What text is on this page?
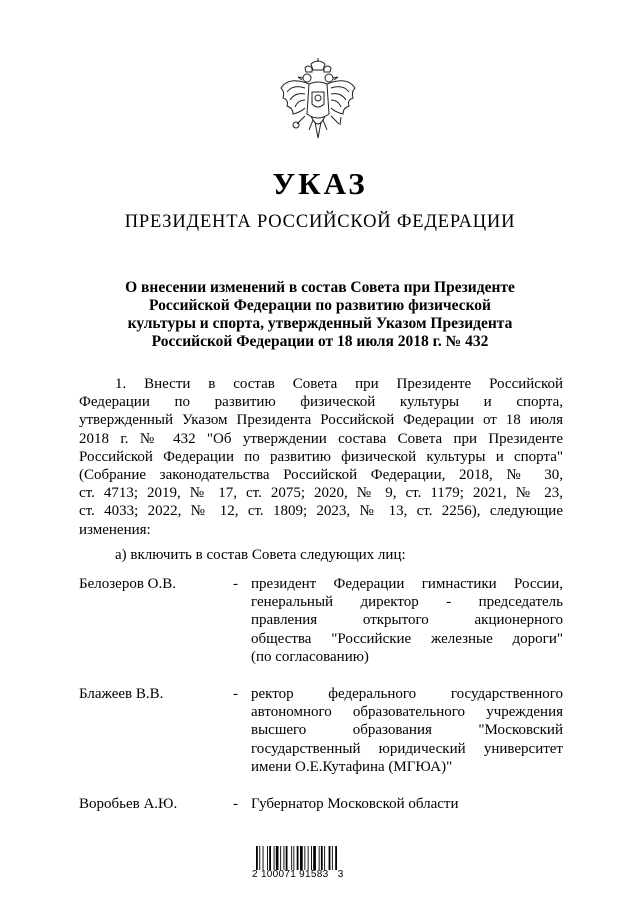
УКАЗ
ПРЕЗИДЕНТА РОССИЙСКОЙ ФЕДЕРАЦИИ
О внесении изменений в состав Совета при Президенте
Российской Федерации по развитию физической
культуры и спорта, утвержденный Указом Президента
Российской Федерации от 18 июля 2018 г. № 432
1. Внести в состав Совета при Президенте Российской
Федерации по развитию физической культуры и спорта,
утвержденный Указом Президента Российской Федерации от 18 июля
2018 г. № 432 "Об утверждении состава Совета при Президенте
Российской Федерации по развитию физической культуры и спорта"
(Собрание законодательства Российской Федерации, 2018, № 30,
ст. 4713; 2019, № 17, ст. 2075; 2020, № 9, ст. 1179; 2021, № 23,
ст. 4033; 2022, № 12, ст. 1809; 2023, № 13, ст. 2256), следующие
изменения:
а) включить в состав Совета следующих лиц:
Белозеров О.В.	- президент Федерации гимнастики России,
генеральный директор - председатель
правления открытого акционерного
общества "Российские железные дороги"
(по согласованию)
Блажеев В.В.	- ректор федерального государственного
автономного образовательного учреждения
высшего образования "Московский
государственный юридический университет
имени О.Е.Кутафина (МГЮА)"
Воробьев А.Ю.	- Губернатор Московской области
2 100071 91583   3
